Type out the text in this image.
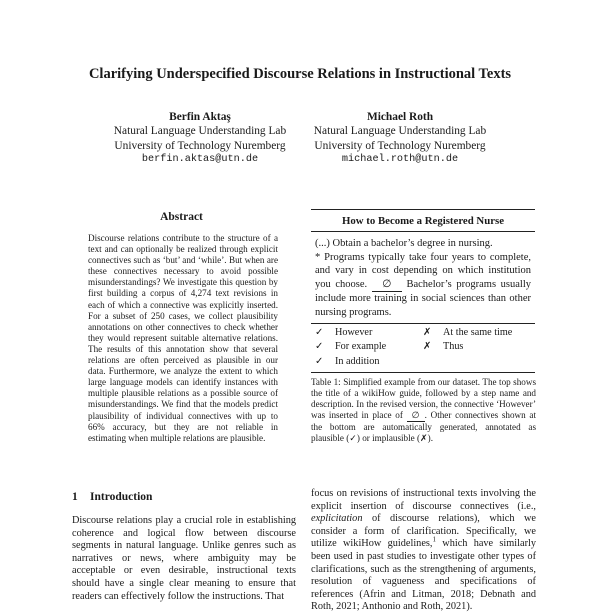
Clarifying Underspecified Discourse Relations in Instructional Texts
Berfin Aktaş
Natural Language Understanding Lab
University of Technology Nuremberg
berfin.aktas@utn.de
Michael Roth
Natural Language Understanding Lab
University of Technology Nuremberg
michael.roth@utn.de
Abstract
Discourse relations contribute to the structure of a text and can optionally be realized through explicit connectives such as ‘but’ and ‘while’. But when are these connectives necessary to avoid possible misunderstandings? We investigate this question by first building a corpus of 4,274 text revisions in each of which a connective was explicitly inserted. For a subset of 250 cases, we collect plausibility annotations on other connectives to check whether they would represent suitable alternative relations. The results of this annotation show that several relations are often perceived as plausible in our data. Furthermore, we analyze the extent to which large language models can identify instances with multiple plausible relations as a possible source of misunderstandings. We find that the models predict plausibility of individual connectives with up to 66% accuracy, but they are not reliable in estimating when multiple relations are plausible.
1 Introduction
Discourse relations play a crucial role in establishing coherence and logical flow between discourse segments in natural language. Unlike genres such as narratives or news, where ambiguity may be acceptable or even desirable, instructional texts should have a single clear meaning to ensure that readers can effectively follow the instructions. That
How to Become a Registered Nurse
(...) Obtain a bachelor’s degree in nursing.
* Programs typically take four years to complete, and vary in cost depending on which institution you choose. ∅ Bachelor’s programs usually include more training in social sciences than other nursing programs.
✓	However	✗	At the same time
✓	For example	✗	Thus
✓	In addition
Table 1: Simplified example from our dataset. The top shows the title of a wikiHow guide, followed by a step name and description. In the revised version, the connective ‘However’ was inserted in place of ∅ . Other connectives shown at the bottom are automatically generated, annotated as plausible (✓) or implausible (✗).
focus on revisions of instructional texts involving the explicit insertion of discourse connectives (i.e., explicitation of discourse relations), which we consider a form of clarification. Specifically, we utilize wikiHow guidelines,$^1$ which have similarly been used in past studies to investigate other types of clarifications, such as the strengthening of arguments, resolution of vagueness and specifications of references (Afrin and Litman, 2018; Debnath and Roth, 2021; Anthonio and Roth, 2021).
